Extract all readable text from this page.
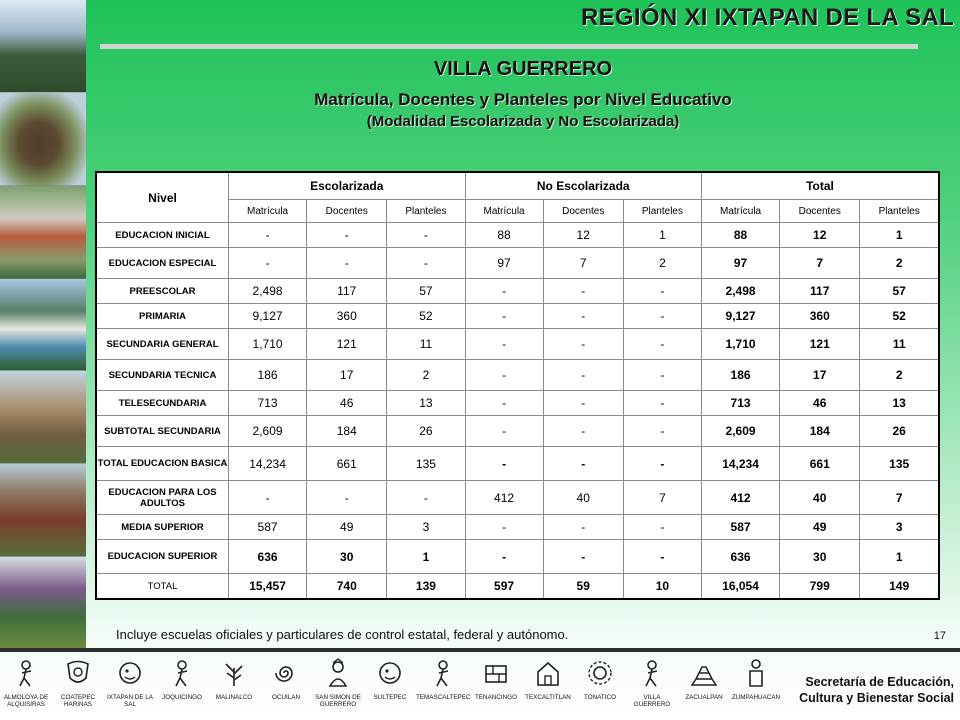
REGIÓN XI IXTAPAN DE LA SAL
VILLA GUERRERO
Matrícula, Docentes y Planteles por Nivel Educativo
(Modalidad Escolarizada y No Escolarizada)
Nivel	Escolarizada			No Escolarizada			Total		
	Matrícula	Docentes	Planteles	Matrícula	Docentes	Planteles	Matrícula	Docentes	Planteles
EDUCACION INICIAL	-	-	-	88	12	1	88	12	1
EDUCACION ESPECIAL	-	-	-	97	7	2	97	7	2
PREESCOLAR	2,498	117	57	-	-	-	2,498	117	57
PRIMARIA	9,127	360	52	-	-	-	9,127	360	52
SECUNDARIA GENERAL	1,710	121	11	-	-	-	1,710	121	11
SECUNDARIA TECNICA	186	17	2	-	-	-	186	17	2
TELESECUNDARIA	713	46	13	-	-	-	713	46	13
SUBTOTAL SECUNDARIA	2,609	184	26	-	-	-	2,609	184	26
TOTAL EDUCACION BASICA	14,234	661	135	-	-	-	14,234	661	135
EDUCACION PARA LOS ADULTOS	-	-	-	412	40	7	412	40	7
MEDIA SUPERIOR	587	49	3	-	-	-	587	49	3
EDUCACION SUPERIOR	636	30	1	-	-	-	636	30	1
TOTAL	15,457	740	139	597	59	10	16,054	799	149
Incluye escuelas oficiales y particulares de control estatal, federal y autónomo.	17
ALMOLOYA DE ALQUISIRAS
COATEPEC HARINAS
IXTAPAN DE LA SAL
JOQUICINGO MALINALCO	OCUILAN	SAN SIMON DE GUERRERO
SULTEPEC TEMASCALTEPEC TENANCINGO TEXCALTITLAN TONATICO	VILLA GUERRERO
ZACUALPAN ZUMPAHUACAN
Secretaría de Educación,
Cultura y Bienestar Social
